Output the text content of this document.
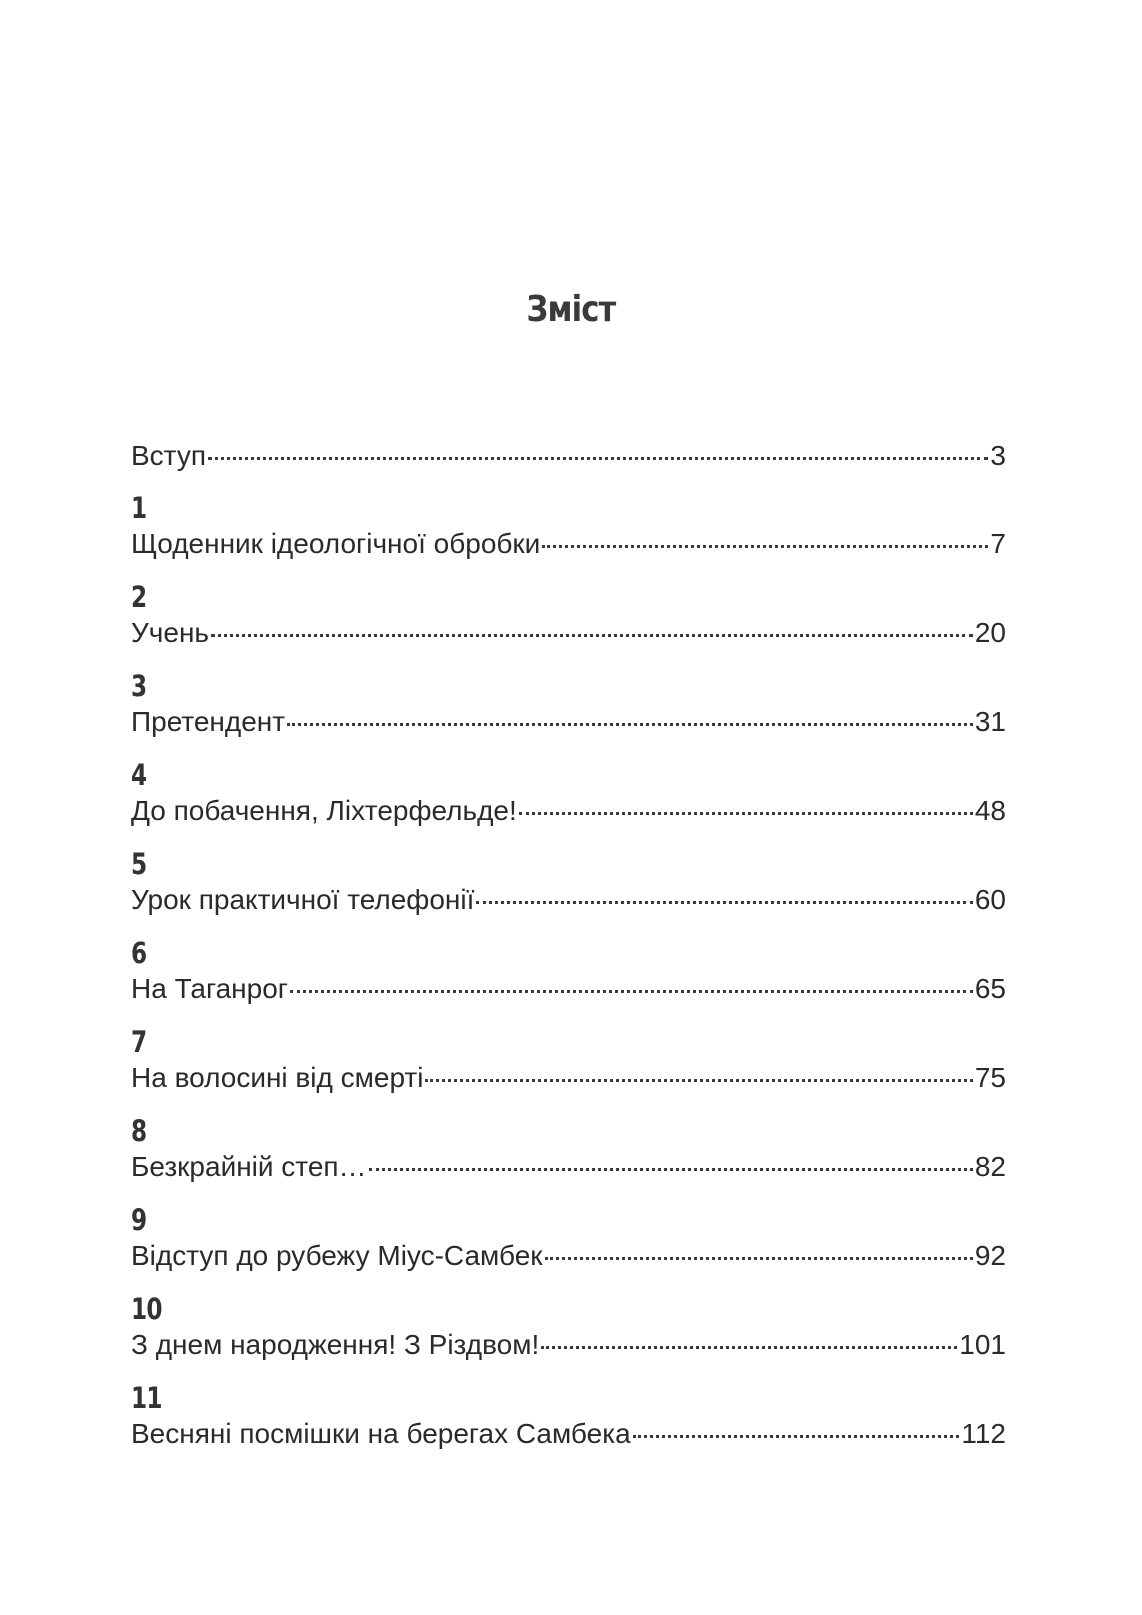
Зміст
Вступ	3
1
Щоденник ідеологічної обробки	7
2
Учень	20
3
Претендент	31
4
До побачення, Ліхтерфельде!	48
5
Урок практичної телефонії	60
6
На Таганрог	65
7
На волосині від смерті	75
8
Безкрайній степ…	82
9
Відступ до рубежу Міус-Самбек	92
10
З днем народження! З Різдвом!	101
11
Весняні посмішки на берегах Самбека	112
